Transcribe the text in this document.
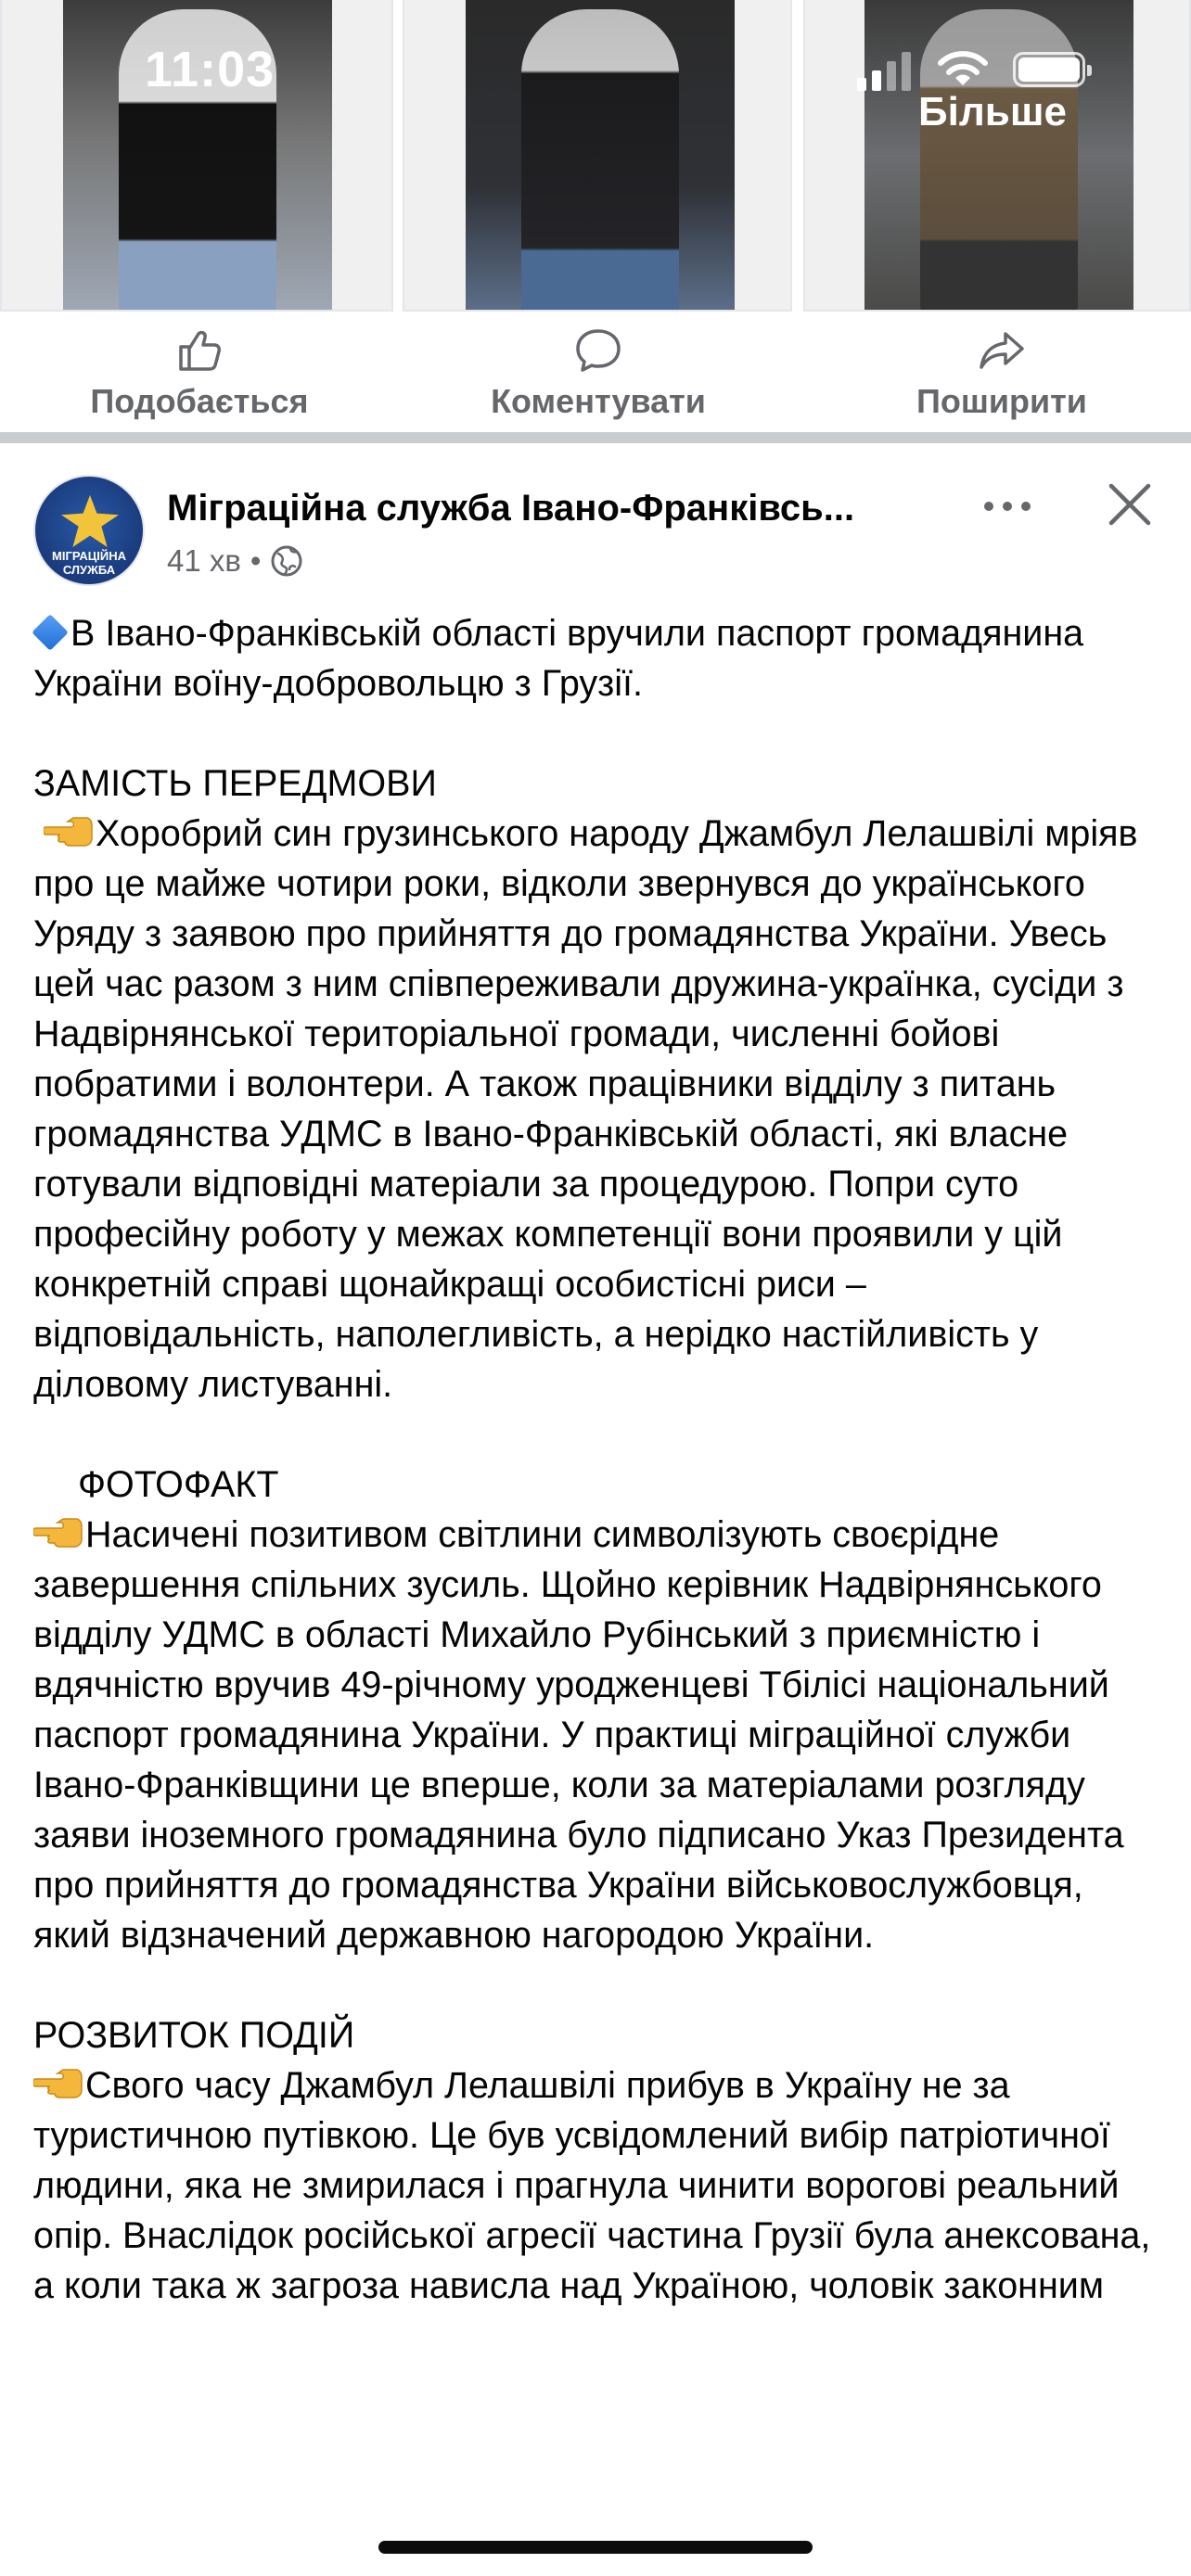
Більше
11:03
Подобається	Коментувати	Поширити
МІГРАЦІЙНА СЛУЖБА
Міграційна служба Івано-Франківсь...
41 хв •

В Івано-Франківській області вручили паспорт громадянина України воїну-добровольцю з Грузії.

ЗАМІСТЬ ПЕРЕДМОВИ

Хоробрий син грузинського народу Джамбул Лелашвілі мріяв про це майже чотири роки, відколи звернувся до українського Уряду з заявою про прийняття до громадянства України. Увесь цей час разом з ним співпереживали дружина-українка, сусіди з Надвірнянської територіальної громади, численні бойові побратими і волонтери. А також працівники відділу з питань громадянства УДМС в Івано-Франківській області, які власне готували відповідні матеріали за процедурою. Попри суто професійну роботу у межах компетенції вони проявили у цій конкретній справі щонайкращі особистісні риси – відповідальність, наполегливість, а нерідко настійливість у діловому листуванні.

ФОТОФАКТ

Насичені позитивом світлини символізують своєрідне завершення спільних зусиль. Щойно керівник Надвірнянського відділу УДМС в області Михайло Рубінський з приємністю і вдячністю вручив 49-річному уродженцеві Тбілісі національний паспорт громадянина України. У практиці міграційної служби Івано-Франківщини це вперше, коли за матеріалами розгляду заяви іноземного громадянина було підписано Указ Президента про прийняття до громадянства України військовослужбовця, який відзначений державною нагородою України.

РОЗВИТОК ПОДІЙ

Свого часу Джамбул Лелашвілі прибув в Україну не за туристичною путівкою. Це був усвідомлений вибір патріотичної людини, яка не змирилася і прагнула чинити ворогові реальний опір. Внаслідок російської агресії частина Грузії була анексована, а коли така ж загроза нависла над Україною, чоловік законним
